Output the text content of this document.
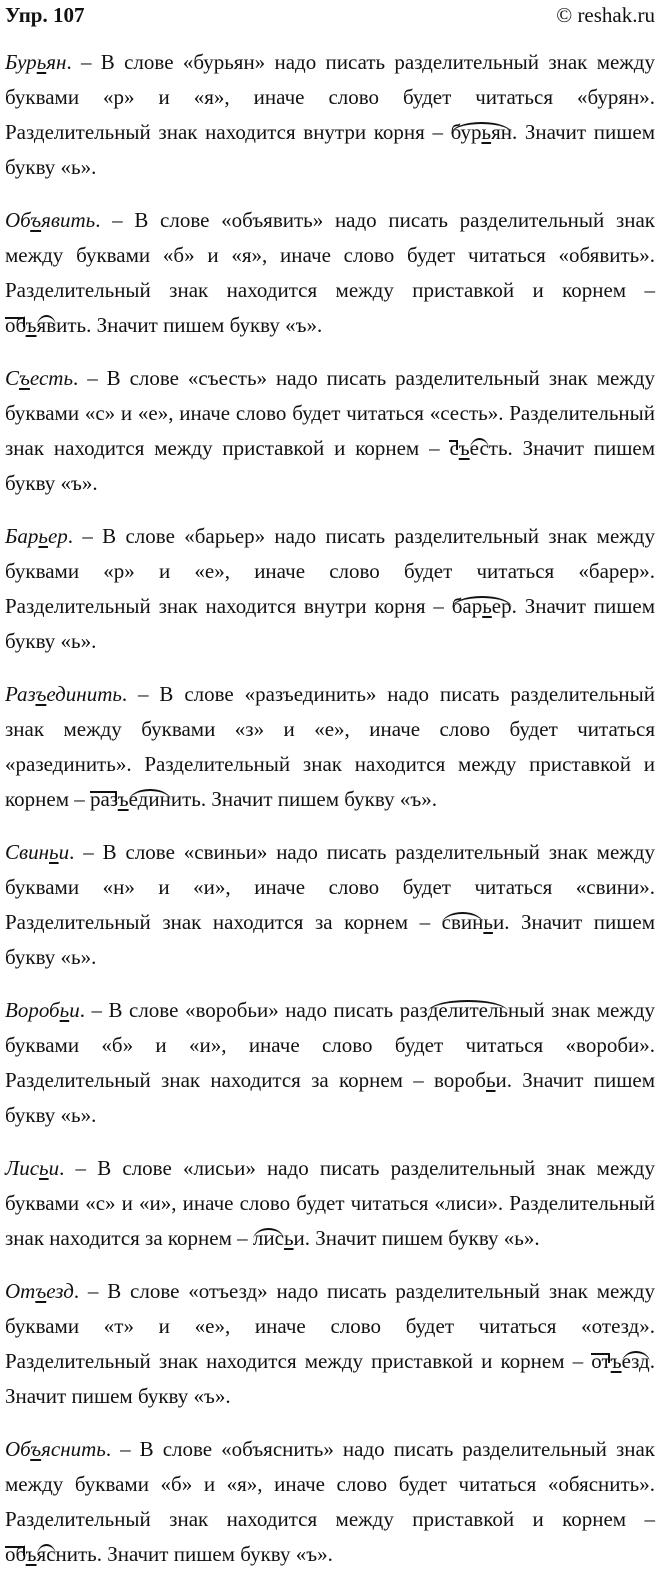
Упр. 107	© reshak.ru
Бурьян. – В слове «бурьян» надо писать разделительный знак между
буквами «р» и «я», иначе слово будет читаться «бурян».
Разделительный знак находится внутри корня – бурьян. Значит пишем
букву «ь».
Объявить. – В слове «объявить» надо писать разделительный знак
между буквами «б» и «я», иначе слово будет читаться «обявить».
Разделительный знак находится между приставкой и корнем –
объявить. Значит пишем букву «ъ».
Съесть. – В слове «съесть» надо писать разделительный знак между
буквами «с» и «е», иначе слово будет читаться «сесть». Разделительный
знак находится между приставкой и корнем – съесть. Значит пишем
букву «ъ».
Барьер. – В слове «барьер» надо писать разделительный знак между
буквами «р» и «е», иначе слово будет читаться «барер».
Разделительный знак находится внутри корня – барьер. Значит пишем
букву «ь».
Разъединить. – В слове «разъединить» надо писать разделительный
знак между буквами «з» и «е», иначе слово будет читаться
«разединить». Разделительный знак находится между приставкой и
корнем – разъединить. Значит пишем букву «ъ».
Свиньи. – В слове «свиньи» надо писать разделительный знак между
буквами «н» и «и», иначе слово будет читаться «свини».
Разделительный знак находится за корнем – свиньи. Значит пишем
букву «ь».
Воробьи. – В слове «воробьи» надо писать разделительный знак между
буквами «б» и «и», иначе слово будет читаться «вороби».
Разделительный знак находится за корнем – воробьи. Значит пишем
букву «ь».
Лисьи. – В слове «лисьи» надо писать разделительный знак между
буквами «с» и «и», иначе слово будет читаться «лиси». Разделительный
знак находится за корнем – лисьи. Значит пишем букву «ь».
Отъезд. – В слове «отъезд» надо писать разделительный знак между
буквами «т» и «е», иначе слово будет читаться «отезд».
Разделительный знак находится между приставкой и корнем – отъезд.
Значит пишем букву «ъ».
Объяснить. – В слове «объяснить» надо писать разделительный знак
между буквами «б» и «я», иначе слово будет читаться «обяснить».
Разделительный знак находится между приставкой и корнем –
объяснить. Значит пишем букву «ъ».
